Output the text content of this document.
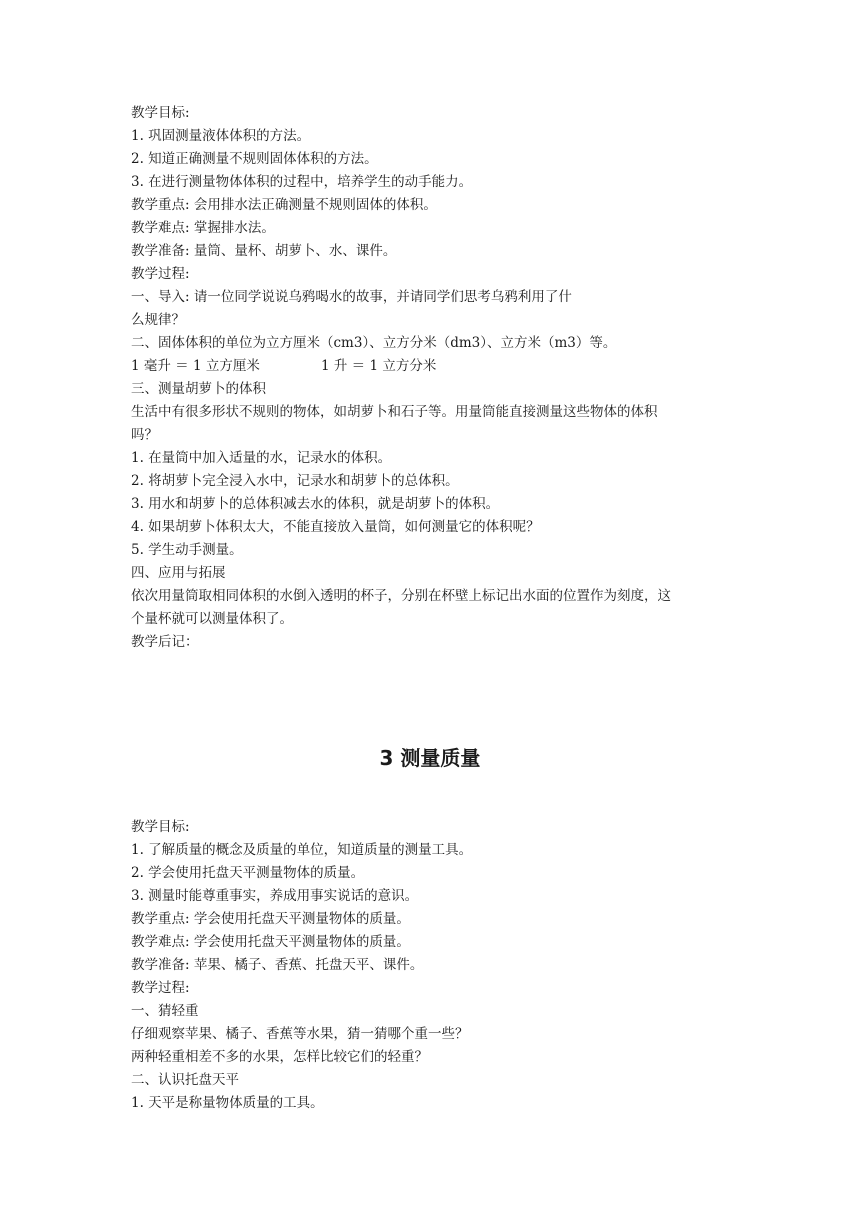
教学目标:
1. 巩固测量液体体积的方法。
2. 知道正确测量不规则固体体积的方法。
3. 在进行测量物体体积的过程中，培养学生的动手能力。
教学重点: 会用排水法正确测量不规则固体的体积。
教学难点: 掌握排水法。
教学准备: 量筒、量杯、胡萝卜、水、课件。
教学过程:
一、导入: 请一位同学说说乌鸦喝水的故事，并请同学们思考乌鸦利用了什
么规律？
二、固体体积的单位为立方厘米（cm3）、立方分米（dm3）、立方米（m3）等。
1 毫升 ＝ 1 立方厘米	1 升 ＝ 1 立方分米
三、测量胡萝卜的体积
生活中有很多形状不规则的物体，如胡萝卜和石子等。用量筒能直接测量这些物体的体积
吗？
1. 在量筒中加入适量的水，记录水的体积。
2. 将胡萝卜完全浸入水中，记录水和胡萝卜的总体积。
3. 用水和胡萝卜的总体积减去水的体积，就是胡萝卜的体积。
4. 如果胡萝卜体积太大，不能直接放入量筒，如何测量它的体积呢？
5. 学生动手测量。
四、应用与拓展
依次用量筒取相同体积的水倒入透明的杯子，分别在杯壁上标记出水面的位置作为刻度，这
个量杯就可以测量体积了。
教学后记：
3 测量质量
教学目标:
1. 了解质量的概念及质量的单位，知道质量的测量工具。
2. 学会使用托盘天平测量物体的质量。
3. 测量时能尊重事实，养成用事实说话的意识。
教学重点: 学会使用托盘天平测量物体的质量。
教学难点: 学会使用托盘天平测量物体的质量。
教学准备: 苹果、橘子、香蕉、托盘天平、课件。
教学过程:
一、猜轻重
仔细观察苹果、橘子、香蕉等水果，猜一猜哪个重一些？
两种轻重相差不多的水果，怎样比较它们的轻重？
二、认识托盘天平
1. 天平是称量物体质量的工具。
